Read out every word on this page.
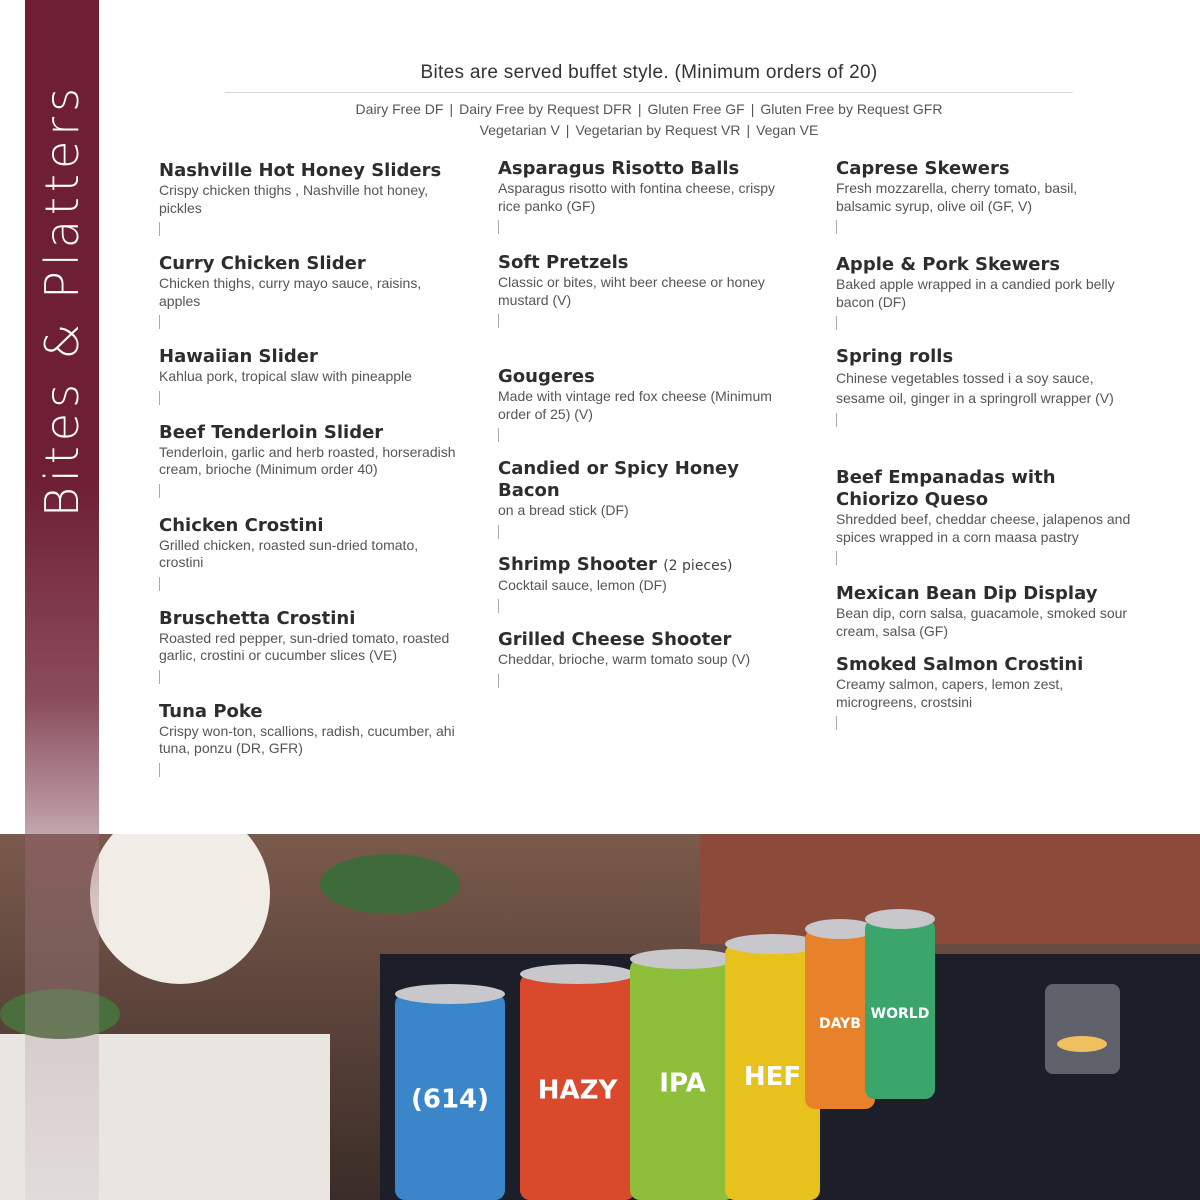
Bites & Platters
Bites are served buffet style. (Minimum orders of 20)
Dairy Free DF | Dairy Free by Request DFR | Gluten Free GF | Gluten Free by Request GFR
Vegetarian V | Vegetarian by Request VR | Vegan VE
Nashville Hot Honey Sliders
Crispy chicken thighs , Nashville hot honey, pickles
Curry Chicken Slider
Chicken thighs, curry mayo sauce, raisins, apples
Hawaiian Slider
Kahlua pork, tropical slaw with pineapple
Beef Tenderloin Slider
Tenderloin, garlic and herb roasted, horseradish cream, brioche (Minimum order 40)
Chicken Crostini
Grilled chicken, roasted sun-dried tomato, crostini
Bruschetta Crostini
Roasted red pepper, sun-dried tomato, roasted garlic, crostini or cucumber slices (VE)
Tuna Poke
Crispy won-ton, scallions, radish, cucumber, ahi tuna, ponzu (DR, GFR)
Asparagus Risotto Balls
Asparagus risotto with fontina cheese, crispy rice panko (GF)
Soft Pretzels
Classic or bites, wiht beer cheese or honey mustard (V)
Gougeres
Made with vintage red fox cheese (Minimum order of 25) (V)
Candied or Spicy Honey Bacon
on a bread stick (DF)
Shrimp Shooter (2 pieces)
Cocktail sauce, lemon (DF)
Grilled Cheese Shooter
Cheddar, brioche, warm tomato soup (V)
Caprese Skewers
Fresh mozzarella, cherry tomato, basil, balsamic syrup, olive oil (GF, V)
Apple & Pork Skewers
Baked apple wrapped in a candied pork belly bacon (DF)
Spring rolls
Chinese vegetables tossed i a soy sauce, sesame oil, ginger in a springroll wrapper (V)
Beef Empanadas with Chiorizo Queso
Shredded beef, cheddar cheese, jalapenos and spices wrapped in a corn maasa pastry
Mexican Bean Dip Display
Bean dip, corn salsa, guacamole, smoked sour cream, salsa (GF)
Smoked Salmon Crostini
Creamy salmon, capers, lemon zest, microgreens, crostsini
(614) HAZY IPA HEF
DAYB
WORLD
